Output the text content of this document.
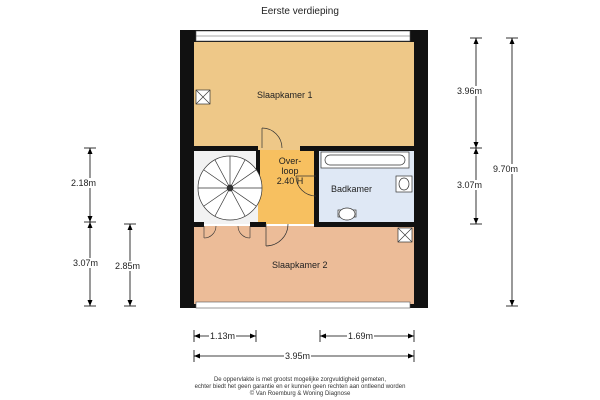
Eerste verdieping
Slaapkamer 1
Over-
loop
2.40 H
Badkamer
Slaapkamer 2
2.18m
3.07m 2.85m
3.96m
3.07m
9.70m
1.13m	1.69m
3.95m
De oppervlakte is met grootst mogelijke zorgvuldigheid gemeten,
echter biedt het geen garantie en er kunnen geen rechten aan ontleend worden
© Van Roemburg & Woning Diagnose
